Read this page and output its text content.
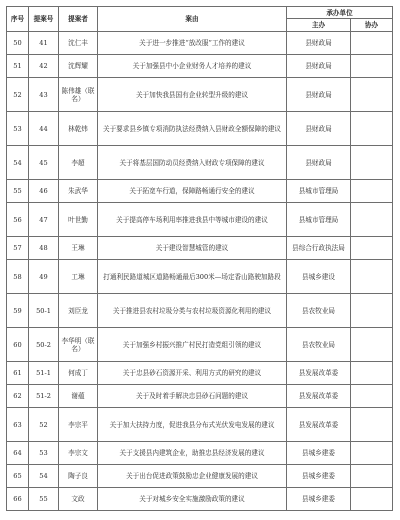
序号	提案号	提案者	案由	承办单位	
				主办	协办
50	41	沈仁丰	关于进一步推进“放改服”工作的建议	县财政局	
51	42	沈辉耀	关于加强县中小企业财务人才培养的建议	县财政局	
52	43	陈伟雄（联名）	关于加快我县国有企业转型升级的建议	县财政局	
53	44	林乾炜	关于要求县乡镇专项消防执法经费纳入县财政全额保障的建议	县财政局	
54	45	李超	关于将基层国防动员经费纳入财政专项保障的建议	县财政局	
55	46	朱武华	关于拓宽车行道，保障路畅通行安全的建议	县城市管理局	
56	47	叶世勤	关于提高停车场利用率推进我县中等城市建设的建议	县城市管理局	
57	48	王琳	关于建设智慧城管的建议	县综合行政执法局	
58	49	工琳	打通利民路道城区道路畅通最后300米—场定香山路驶加路段	县城乡建设	
59	50-1	刘臣龙	关于推进县农村垃圾分类与农村垃圾资源化利用的建议	县农牧业局	
60	50-2	李华明（联名）	关于加强乡村振兴推广村民打造党组引领的建议	县农牧业局	
61	51-1	何成丁	关于忠县砂石资源开采、利用方式的研究的建议	县发展改革委	
62	51-2	谢蕴	关于及时着手解决忠县砂石问题的建议	县发展改革委	
63	52	李宗平	关于加大扶持力度，促进我县分布式光伏发电发展的建议	县发展改革委	
64	53	李宗文	关于支援县内建筑企业，助推忠县经济发展的建议	县城乡建委	
65	54	陶子良	关于出台促进政策鼓励忠企业健康发展的建议	县城乡建委	
66	55	文政	关于对城乡安全实施激励政策的建议	县城乡建委	
